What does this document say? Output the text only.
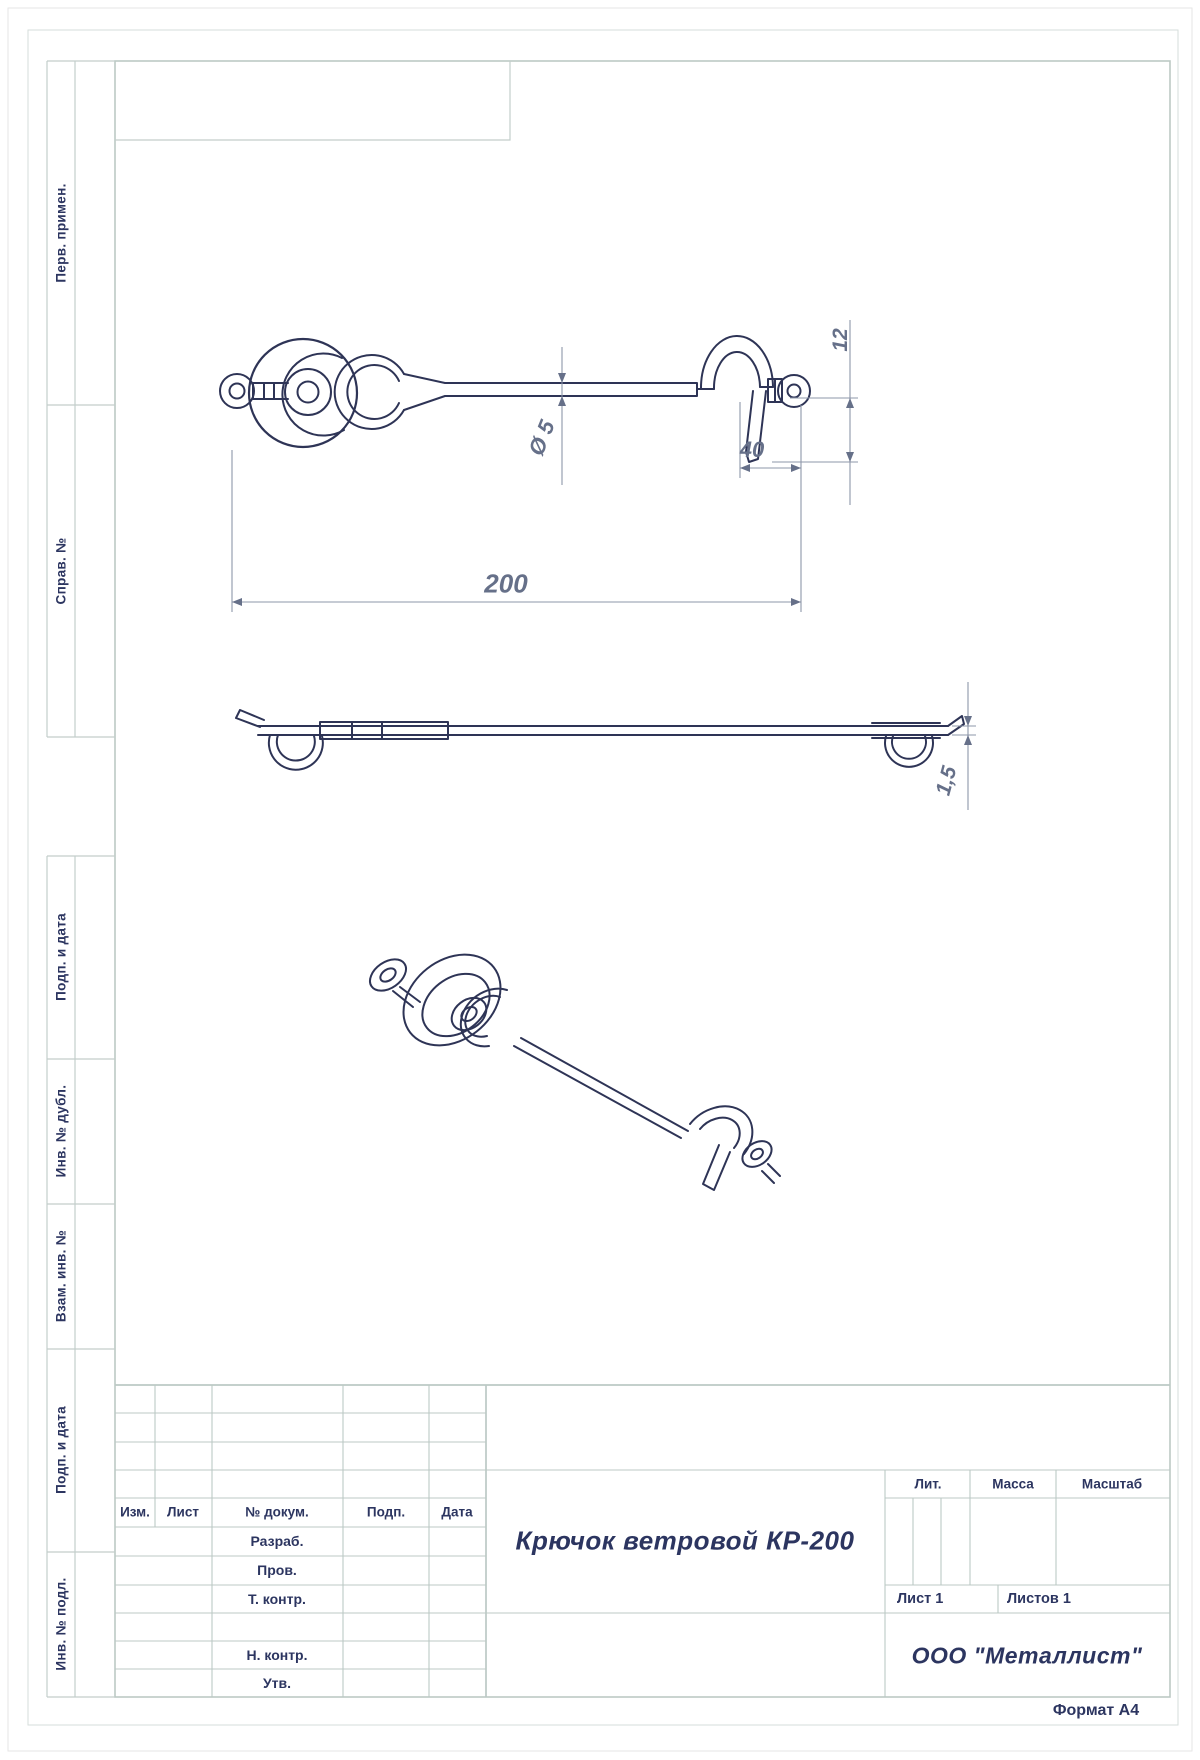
Перв. примен.
Справ. №
Подп. и дата
Инв. № дубл.
Взам. инв. №
Подп. и дата
Инв. № подл.
200
40
Ø 5
12
1,5
Изм. Лист	№ докум.	Подп.	Дата
Разраб.
Пров.
Т. контр.
Н. контр.
Утв.
Крючок ветровой КР-200
Лит.	Масса	Масштаб
Лист 1	Листов 1
ООО "Металлист"
Формат А4
